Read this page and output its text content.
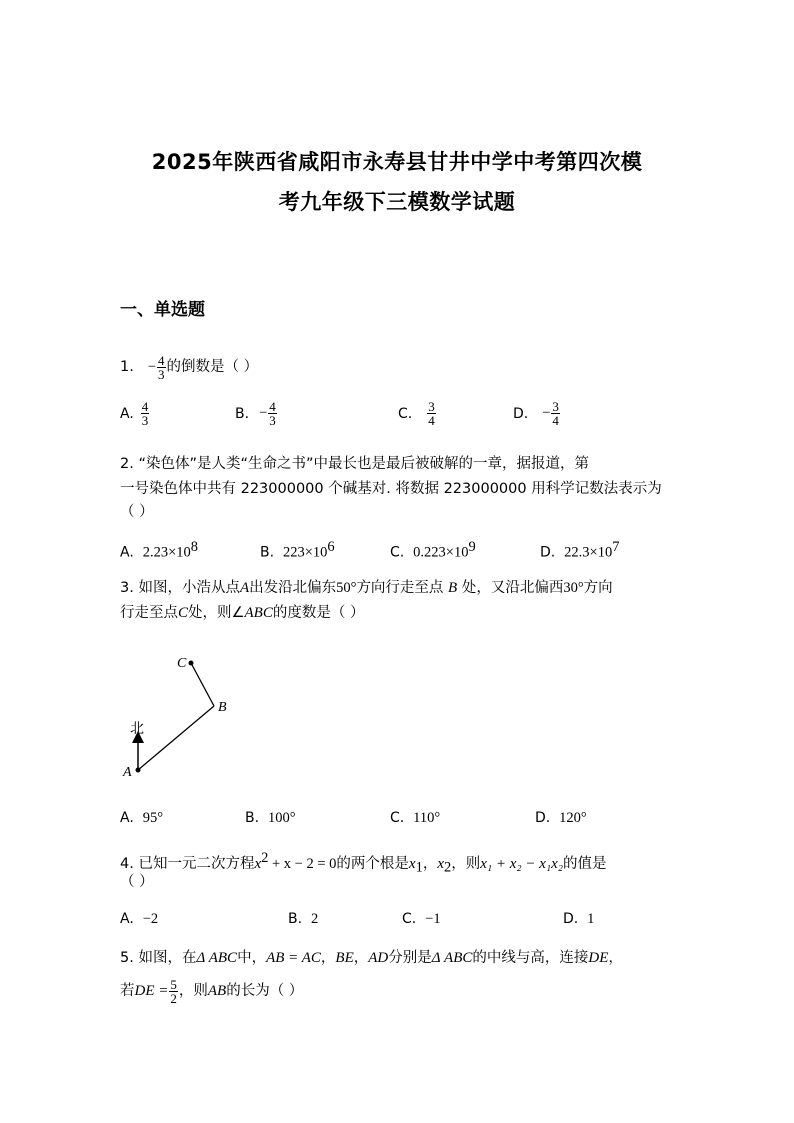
2025年陕西省咸阳市永寿县甘井中学中考第四次模
考九年级下三模数学试题
一、单选题
1. − $\frac{4}{3}$ 的倒数是（ ）
A. $\frac{4}{3}$	B. − $\frac{4}{3}$	C. $\frac{3}{4}$	D. − $\frac{3}{4}$
2. “染色体”是人类“生命之书”中最长也是最后被破解的一章，据报道，第
一号染色体中共有 223000000 个碱基对. 将数据 223000000 用科学记数法表示为
（ ）
A. $2.23\times 10^8$	B. $223\times 10^6$	C. $0.223\times 10^9$	D. $22.3\times 10^7$
3. 如图，小浩从点A出发沿北偏东50°方向行走至点 B 处，又沿北偏西30°方向
行走至点C处，则∠ABC的度数是（ ）
北
A
B
C
A. 95°	B. 100°	C. 110°	D. 120°
4. 已知一元二次方程$x^2 + x - 2 = 0$的两个根是$x_1$，$x_2$，则x₁ + x₂ − x₁x₂的值是
（ ）
A. −2	B. 2	C. −1	D. 1
5. 如图，在Δ ABC中，AB = AC，BE，AD分别是Δ ABC的中线与高，连接DE，
若 DE = $\frac{5}{2}$ ，则 AB 的长为（ ）
